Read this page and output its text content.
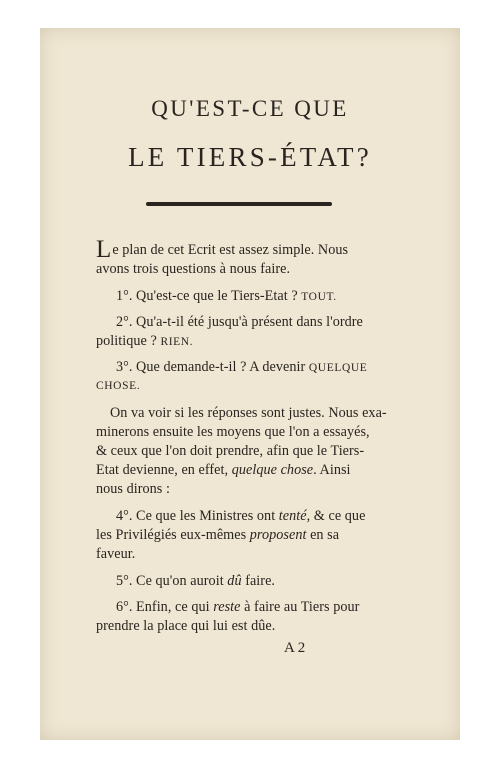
QU'EST-CE QUE
LE TIERS-ÉTAT?
Le plan de cet Ecrit est assez simple. Nous
avons trois questions à nous faire.
1°. Qu'est-ce que le Tiers-Etat ? TOUT.
2°. Qu'a-t-il été jusqu'à présent dans l'ordre
politique ? RIEN.
3°. Que demande-t-il ? A devenir QUELQUE
CHOSE.
On va voir si les réponses sont justes. Nous exa-
minerons ensuite les moyens que l'on a essayés,
& ceux que l'on doit prendre, afin que le Tiers-
Etat devienne, en effet, quelque chose. Ainsi
nous dirons :
4°. Ce que les Ministres ont tenté, & ce que
les Privilégiés eux-mêmes proposent en sa
faveur.
5°. Ce qu'on auroit dû faire.
6°. Enfin, ce qui reste à faire au Tiers pour
prendre la place qui lui est dûe.
A 2
